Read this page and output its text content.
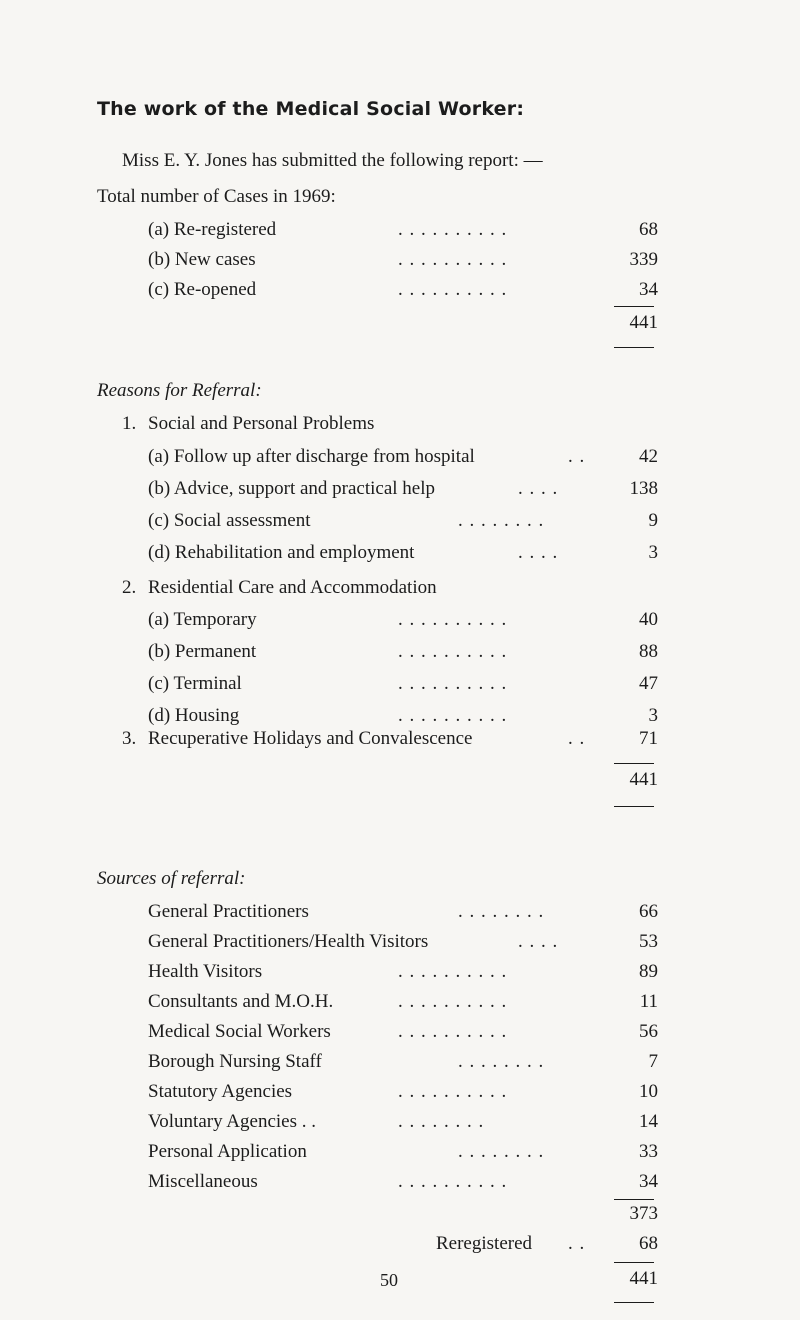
The work of the Medical Social Worker:
Miss E. Y. Jones has submitted the following report: —
Total number of Cases in 1969:
(a) Re-registered	. . . . . . . . . .	68
(b) New cases	. . . . . . . . . .	339
(c) Re-opened	. . . . . . . . . .	34
441
Reasons for Referral:
1. Social and Personal Problems
(a) Follow up after discharge from hospital	. .	42
(b) Advice, support and practical help	. . . .	138
(c) Social assessment	. . . . . . . .	9
(d) Rehabilitation and employment	. . . .	3
2. Residential Care and Accommodation
(a) Temporary	. . . . . . . . . .	40
(b) Permanent	. . . . . . . . . .	88
(c) Terminal	. . . . . . . . . .	47
(d) Housing	. . . . . . . . . .	3
3. Recuperative Holidays and Convalescence	. .	71
441
Sources of referral:
General Practitioners	. . . . . . . .	66
General Practitioners/Health Visitors	. . . .	53
Health Visitors	. . . . . . . . . .	89
Consultants and M.O.H.	. . . . . . . . . .	11
Medical Social Workers	. . . . . . . . . .	56
Borough Nursing Staff	. . . . . . . .	7
Statutory Agencies	. . . . . . . . . .	10
Voluntary Agencies . .	. . . . . . . .	14
Personal Application	. . . . . . . .	33
Miscellaneous	. . . . . . . . . .	34
373
Reregistered . .	68
441
50
